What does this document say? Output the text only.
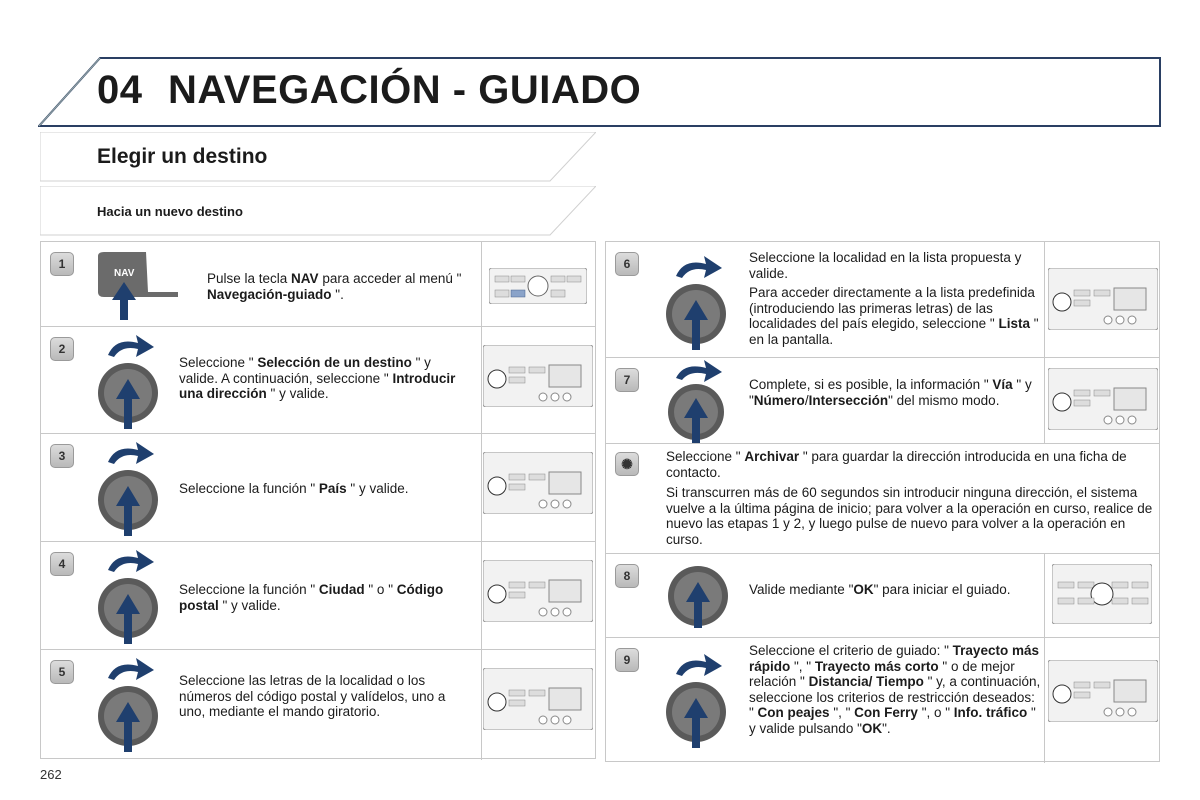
04 NAVEGACIÓN - GUIADO
Elegir un destino
Hacia un nuevo destino
1
NAV	Pulse la tecla NAV para acceder al menú " Navegación-guiado ".
2
Seleccione " Selección de un destino " y valide. A continuación, seleccione " Introducir una dirección " y valide.
3
Seleccione la función " País " y valide.
4
Seleccione la función " Ciudad " o " Código postal " y valide.
5
Seleccione las letras de la localidad o los números del código postal y valídelos, uno a uno, mediante el mando giratorio.
6	Seleccione la localidad en la lista propuesta y valide.
Para acceder directamente a la lista predefinida (introduciendo las primeras letras) de las localidades del país elegido, seleccione " Lista " en la pantalla.
7	Complete, si es posible, la información " Vía " y "Número/Intersección" del mismo modo.
✺	Seleccione " Archivar " para guardar la dirección introducida en una ficha de contacto.
Si transcurren más de 60 segundos sin introducir ninguna dirección, el sistema vuelve a la última página de inicio; para volver a la operación en curso, realice de nuevo las etapas 1 y 2, y luego pulse de nuevo para volver a la operación en curso.
8
Valide mediante "OK" para iniciar el guiado.
9
Seleccione el criterio de guiado: " Trayecto más rápido ", " Trayecto más corto " o de mejor relación " Distancia/ Tiempo " y, a continuación, seleccione los criterios de restricción deseados: " Con peajes ", " Con Ferry ", o " Info. tráfico " y valide pulsando "OK".
262
